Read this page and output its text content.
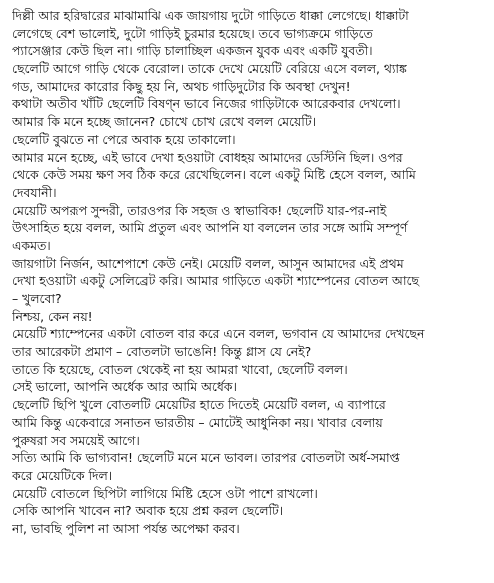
দিল্লী আর হরিদ্বারের মাঝামাঝি এক জায়গায় দুটো গাড়িতে ধাক্কা লেগেছে। ধাক্কাটা
লেগেছে বেশ ভালোই, দুটো গাড়িই চুরমার হয়েছে। তবে ভাগ্যক্রমে গাড়িতে
প্যাসেঞ্জার কেউ ছিল না। গাড়ি চালাচ্ছিল একজন যুবক এবং একটি যুবতী।
ছেলেটি আগে গাড়ি থেকে বেরোল। তাকে দেখে মেয়েটি বেরিয়ে এসে বলল, থ্যাঙ্ক
গড, আমাদের কারোর কিছু হয় নি, অথচ গাড়িদুটোর কি অবস্থা দেখুন!
কথাটা অতীব খাঁটি ছেলেটি বিষণ্ন ভাবে নিজের গাড়িটাকে আরেকবার দেখলো।
আমার কি মনে হচ্ছে জানেন? চোখে চোখ রেখে বলল মেয়েটি।
ছেলেটি বুঝতে না পেরে অবাক হয়ে তাকালো।
আমার মনে হচ্ছে, এই ভাবে দেখা হওয়াটা বোধহয় আমাদের ডেস্টিনি ছিল। ওপর
থেকে কেউ সময় ক্ষণ সব ঠিক করে রেখেছিলেন। বলে একটু মিষ্টি হেসে বলল, আমি
দেবযানী।
মেয়েটি অপরূপ সুন্দরী, তারওপর কি সহজ ও স্বাভাবিক! ছেলেটি যার-পর-নাই
উৎসাহিত হয়ে বলল, আমি প্রতুল এবং আপনি যা বললেন তার সঙ্গে আমি সম্পূর্ণ
একমত।
জায়গাটা নির্জন, আশেপাশে কেউ নেই। মেয়েটি বলল, আসুন আমাদের এই প্রথম
দেখা হওয়াটা একটু সেলিব্রেট করি। আমার গাড়িতে একটা শ্যাম্পেনের বোতল আছে
– খুলবো?
নিশ্চয়, কেন নয়!
মেয়েটি শ্যাম্পেনের একটা বোতল বার করে এনে বলল, ভগবান যে আমাদের দেখছেন
তার আরেকটা প্রমাণ – বোতলটা ভাঙেনি! কিন্তু গ্লাস যে নেই?
তাতে কি হয়েছে, বোতল থেকেই না হয় আমরা খাবো, ছেলেটি বলল।
সেই ভালো, আপনি অর্ধেক আর আমি অর্ধেক।
ছেলেটি ছিপি খুলে বোতলটি মেয়েটির হাতে দিতেই মেয়েটি বলল, এ ব্যাপারে
আমি কিন্তু একেবারে সনাতন ভারতীয় – মোটেই আধুনিকা নয়। খাবার বেলায়
পুরুষরা সব সময়েই আগে।
সত্যি আমি কি ভাগ্যবান! ছেলেটি মনে মনে ভাবল। তারপর বোতলটা অর্ধ-সমাপ্ত
করে মেয়েটিকে দিল।
মেয়েটি বোতলে ছিপিটা লাগিয়ে মিষ্টি হেসে ওটা পাশে রাখলো।
সেকি আপনি খাবেন না? অবাক হয়ে প্রশ্ন করল ছেলেটি।
না, ভাবছি পুলিশ না আসা পর্যন্ত অপেক্ষা করব।
